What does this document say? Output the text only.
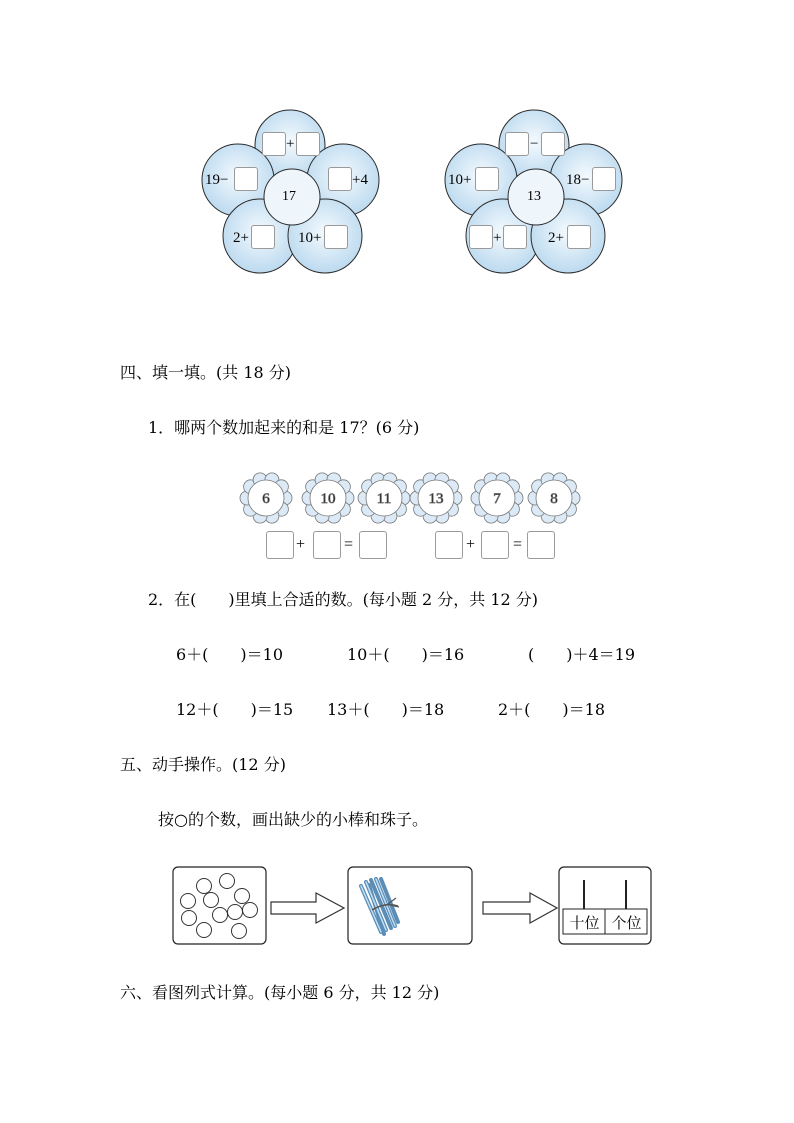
17
+
19−	+4
2+	10+
13
−
10+	18−
+	2+
四、填一填。(共 18 分)
1．哪两个数加起来的和是 17？(6 分)
6	10	11 13	7	8
+ =	+ =
2．在(　　)里填上合适的数。(每小题 2 分，共 12 分)
6＋(　　)＝10	10＋(　　)＝16	(　　)＋4＝19
12＋(　　)＝15 13＋(　　)＝18	2＋(　　)＝18
五、动手操作。(12 分)
按○的个数，画出缺少的小棒和珠子。
十位 个位
六、看图列式计算。(每小题 6 分，共 12 分)
